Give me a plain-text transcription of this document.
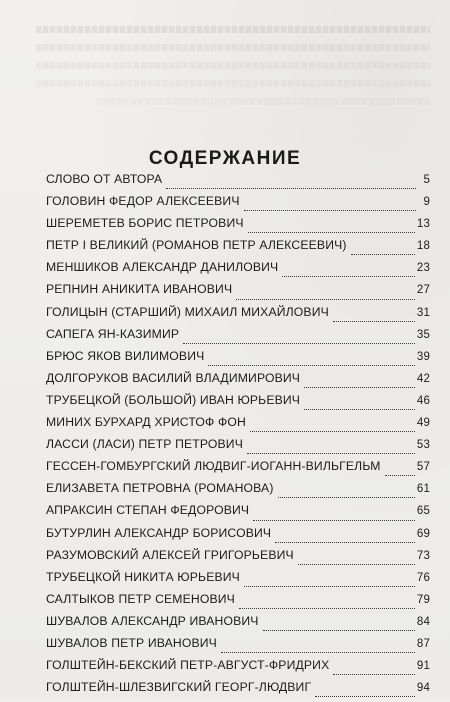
СОДЕРЖАНИЕ
СЛОВО ОТ АВТОРА	5
ГОЛОВИН ФЕДОР АЛЕКСЕЕВИЧ	9
ШЕРЕМЕТЕВ БОРИС ПЕТРОВИЧ	13
ПЕТР I ВЕЛИКИЙ (РОМАНОВ ПЕТР АЛЕКСЕЕВИЧ)	18
МЕНШИКОВ АЛЕКСАНДР ДАНИЛОВИЧ	23
РЕПНИН АНИКИТА ИВАНОВИЧ	27
ГОЛИЦЫН (СТАРШИЙ) МИХАИЛ МИХАЙЛОВИЧ	31
САПЕГА ЯН-КАЗИМИР	35
БРЮС ЯКОВ ВИЛИМОВИЧ	39
ДОЛГОРУКОВ ВАСИЛИЙ ВЛАДИМИРОВИЧ	42
ТРУБЕЦКОЙ (БОЛЬШОЙ) ИВАН ЮРЬЕВИЧ	46
МИНИХ БУРХАРД ХРИСТОФ ФОН	49
ЛАССИ (ЛАСИ) ПЕТР ПЕТРОВИЧ	53
ГЕССЕН-ГОМБУРГСКИЙ ЛЮДВИГ-ИОГАНН-ВИЛЬГЕЛЬМ	57
ЕЛИЗАВЕТА ПЕТРОВНА (РОМАНОВА)	61
АПРАКСИН СТЕПАН ФЕДОРОВИЧ	65
БУТУРЛИН АЛЕКСАНДР БОРИСОВИЧ	69
РАЗУМОВСКИЙ АЛЕКСЕЙ ГРИГОРЬЕВИЧ	73
ТРУБЕЦКОЙ НИКИТА ЮРЬЕВИЧ	76
САЛТЫКОВ ПЕТР СЕМЕНОВИЧ	79
ШУВАЛОВ АЛЕКСАНДР ИВАНОВИЧ	84
ШУВАЛОВ ПЕТР ИВАНОВИЧ	87
ГОЛШТЕЙН-БЕКСКИЙ ПЕТР-АВГУСТ-ФРИДРИХ	91
ГОЛШТЕЙН-ШЛЕЗВИГСКИЙ ГЕОРГ-ЛЮДВИГ	94
